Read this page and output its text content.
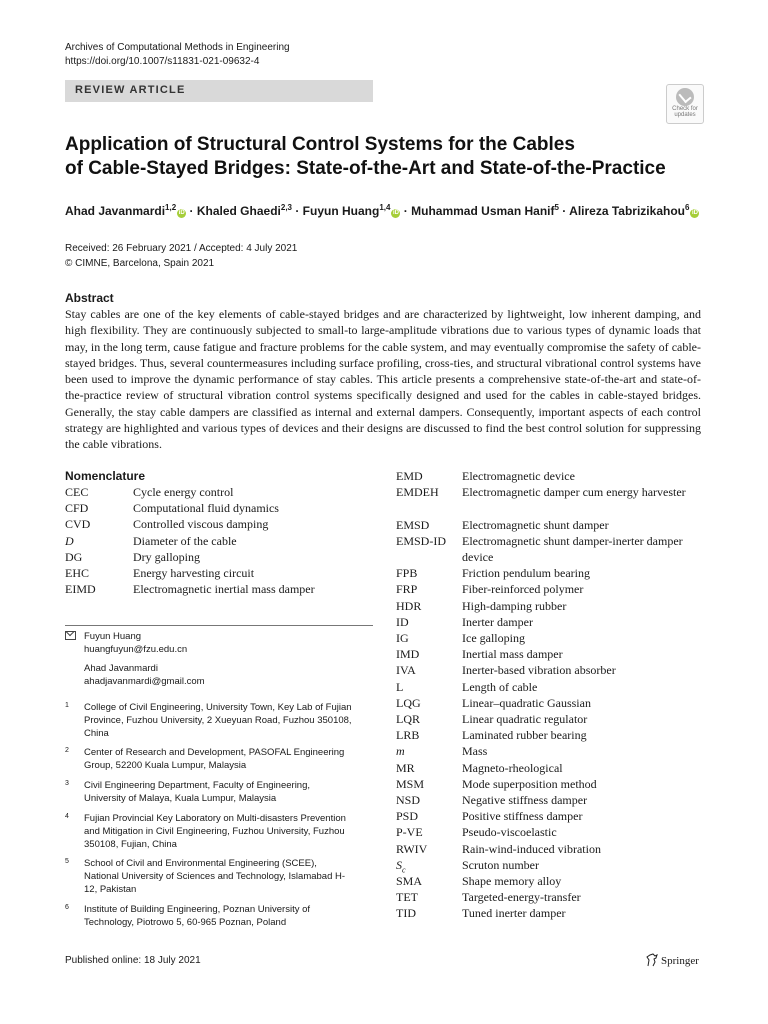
Archives of Computational Methods in Engineering
https://doi.org/10.1007/s11831-021-09632-4
REVIEW ARTICLE
Check for
updates
Application of Structural Control Systems for the Cables
of Cable-Stayed Bridges: State-of-the-Art and State-of-the-Practice
Ahad Javanmardi$^{1,2}$iD · Khaled Ghaedi$^{2,3}$ · Fuyun Huang$^{1,4}$iD · Muhammad Usman Hanif$^5$ · Alireza Tabrizikahou$^6$iD
Received: 26 February 2021 / Accepted: 4 July 2021
© CIMNE, Barcelona, Spain 2021
Abstract
Stay cables are one of the key elements of cable-stayed bridges and are characterized by lightweight, low inherent damping, and high flexibility. They are continuously subjected to small-to large-amplitude vibrations due to various types of dynamic loads that may, in the long term, cause fatigue and fracture problems for the cable system, and may eventually compromise the safety of cable-stayed bridges. Thus, several countermeasures including surface profiling, cross-ties, and structural vibrational control systems have been used to improve the dynamic performance of stay cables. This article presents a comprehensive state-of-the-art and state-of-the-practice review of structural vibration control systems specifically designed and used for the cables in cable-stayed bridges. Generally, the stay cable dampers are classified as internal and external dampers. Consequently, important aspects of each control strategy are highlighted and various types of devices and their designs are discussed to find the best control solution for suppressing the cable vibrations.
Nomenclature
CEC	Cycle energy control
CFD	Computational fluid dynamics
CVD	Controlled viscous damping
D	Diameter of the cable
DG	Dry galloping
EHC	Energy harvesting circuit
EIMD	Electromagnetic inertial mass damper
EMD	Electromagnetic device
EMDEH Electromagnetic damper cum energy harvester
EMSD	Electromagnetic shunt damper
EMSD-ID Electromagnetic shunt damper-inerter damper device
FPB	Friction pendulum bearing
FRP	Fiber-reinforced polymer
HDR	High-damping rubber
ID	Inerter damper
IG	Ice galloping
IMD	Inertial mass damper
IVA	Inerter-based vibration absorber
L	Length of cable
LQG	Linear–quadratic Gaussian
LQR	Linear quadratic regulator
LRB	Laminated rubber bearing
m	Mass
MR	Magneto-rheological
MSM	Mode superposition method
NSD	Negative stiffness damper
PSD	Positive stiffness damper
P-VE	Pseudo-viscoelastic
RWIV	Rain-wind-induced vibration
$S_c$	Scruton number
SMA	Shape memory alloy
TET	Targeted-energy-transfer
TID	Tuned inerter damper
Fuyun Huang
huangfuyun@fzu.edu.cn
Ahad Javanmardi
ahadjavanmardi@gmail.com
1 College of Civil Engineering, University Town, Key Lab of Fujian Province, Fuzhou University, 2 Xueyuan Road, Fuzhou 350108, China
2 Center of Research and Development, PASOFAL Engineering Group, 52200 Kuala Lumpur, Malaysia
3 Civil Engineering Department, Faculty of Engineering, University of Malaya, Kuala Lumpur, Malaysia
4 Fujian Provincial Key Laboratory on Multi-disasters Prevention and Mitigation in Civil Engineering, Fuzhou University, Fuzhou 350108, Fujian, China
5 School of Civil and Environmental Engineering (SCEE), National University of Sciences and Technology, Islamabad H-12, Pakistan
6 Institute of Building Engineering, Poznan University of Technology, Piotrowo 5, 60-965 Poznan, Poland
Published online: 18 July 2021	Springer
